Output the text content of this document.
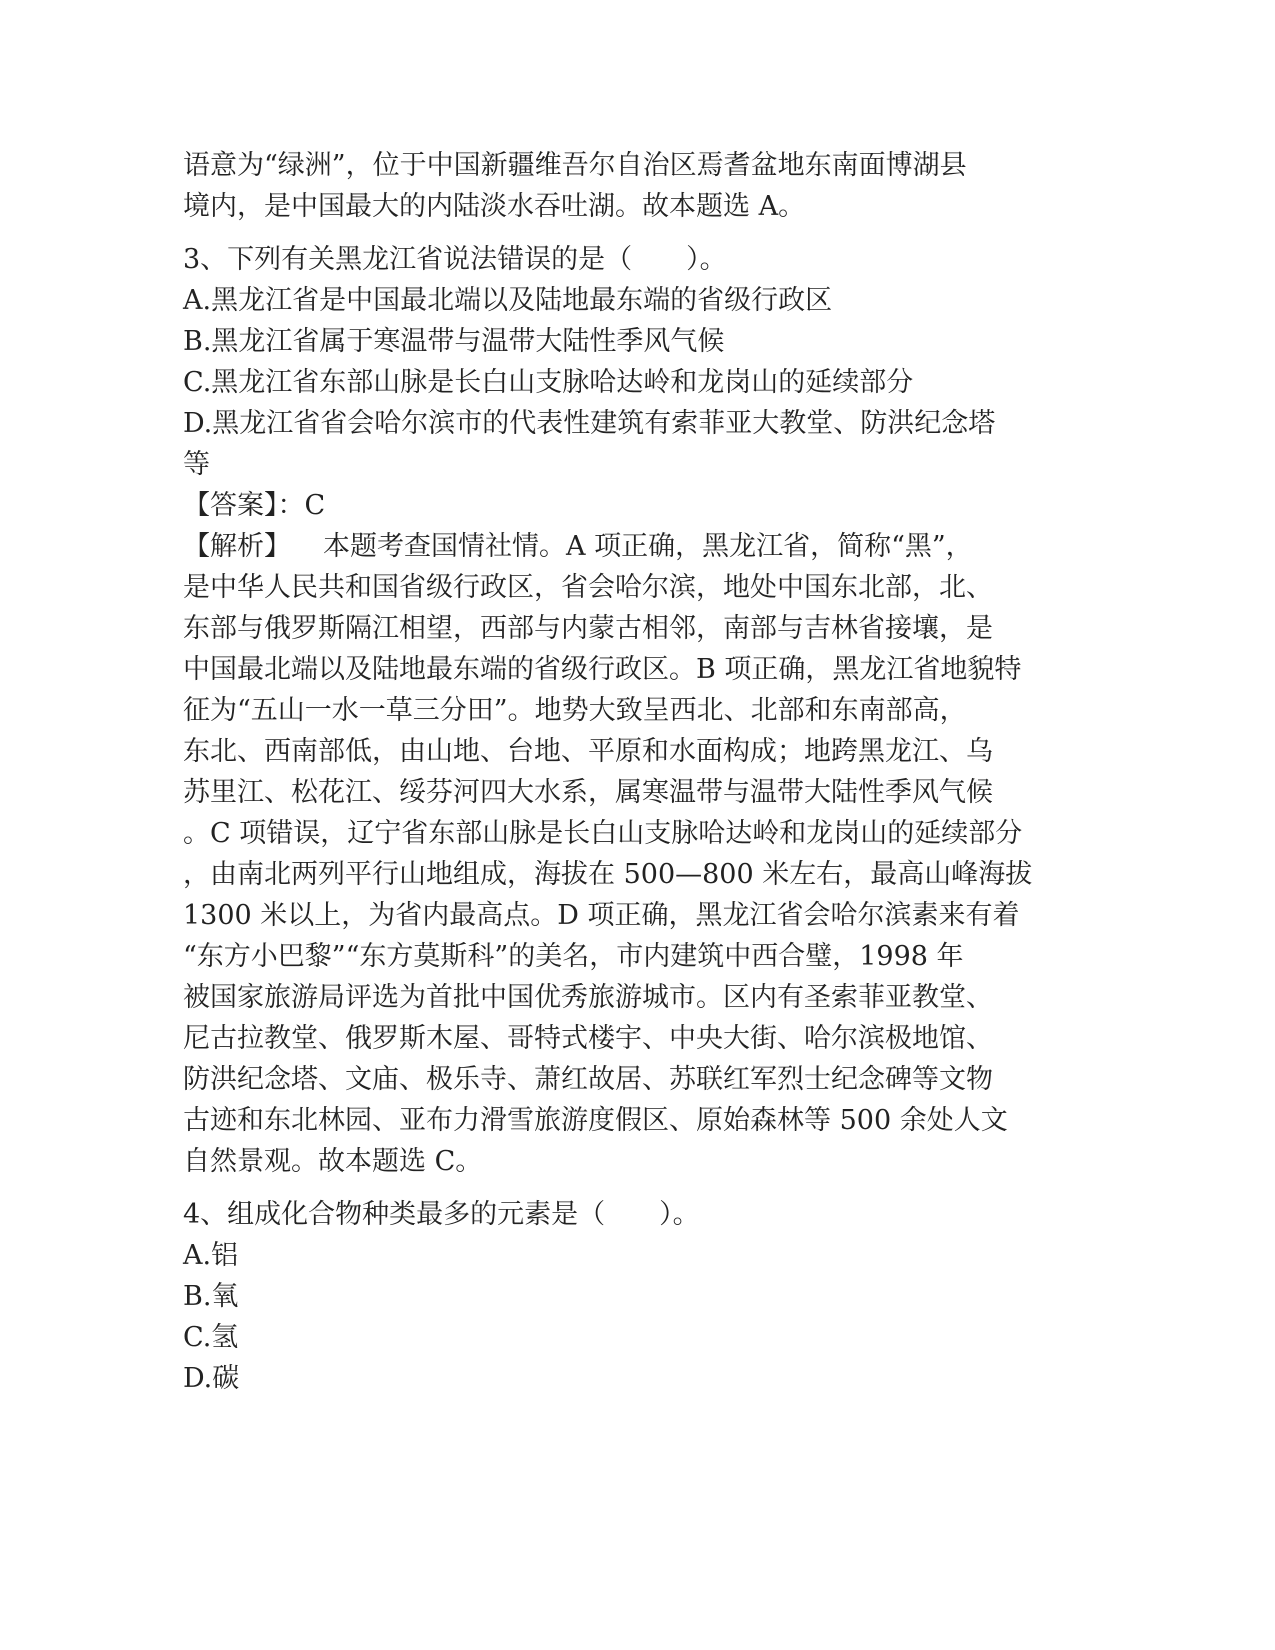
语意为“绿洲”，位于中国新疆维吾尔自治区焉耆盆地东南面博湖县
境内，是中国最大的内陆淡水吞吐湖。故本题选 A。
3、下列有关黑龙江省说法错误的是（　　）。
A.黑龙江省是中国最北端以及陆地最东端的省级行政区
B.黑龙江省属于寒温带与温带大陆性季风气候
C.黑龙江省东部山脉是长白山支脉哈达岭和龙岗山的延续部分
D.黑龙江省省会哈尔滨市的代表性建筑有索菲亚大教堂、防洪纪念塔
等
【答案】：C
【解析】 本题考查国情社情。A 项正确，黑龙江省，简称“黑”，
是中华人民共和国省级行政区，省会哈尔滨，地处中国东北部，北、
东部与俄罗斯隔江相望，西部与内蒙古相邻，南部与吉林省接壤，是
中国最北端以及陆地最东端的省级行政区。B 项正确，黑龙江省地貌特
征为“五山一水一草三分田”。地势大致呈西北、北部和东南部高，
东北、西南部低，由山地、台地、平原和水面构成；地跨黑龙江、乌
苏里江、松花江、绥芬河四大水系，属寒温带与温带大陆性季风气候
。C 项错误，辽宁省东部山脉是长白山支脉哈达岭和龙岗山的延续部分
，由南北两列平行山地组成，海拔在 500—800 米左右，最高山峰海拔
1300 米以上，为省内最高点。D 项正确，黑龙江省会哈尔滨素来有着
“东方小巴黎”“东方莫斯科”的美名，市内建筑中西合璧，1998 年
被国家旅游局评选为首批中国优秀旅游城市。区内有圣索菲亚教堂、
尼古拉教堂、俄罗斯木屋、哥特式楼宇、中央大街、哈尔滨极地馆、
防洪纪念塔、文庙、极乐寺、萧红故居、苏联红军烈士纪念碑等文物
古迹和东北林园、亚布力滑雪旅游度假区、原始森林等 500 余处人文
自然景观。故本题选 C。
4、组成化合物种类最多的元素是（　　）。
A.铝
B.氧
C.氢
D.碳
